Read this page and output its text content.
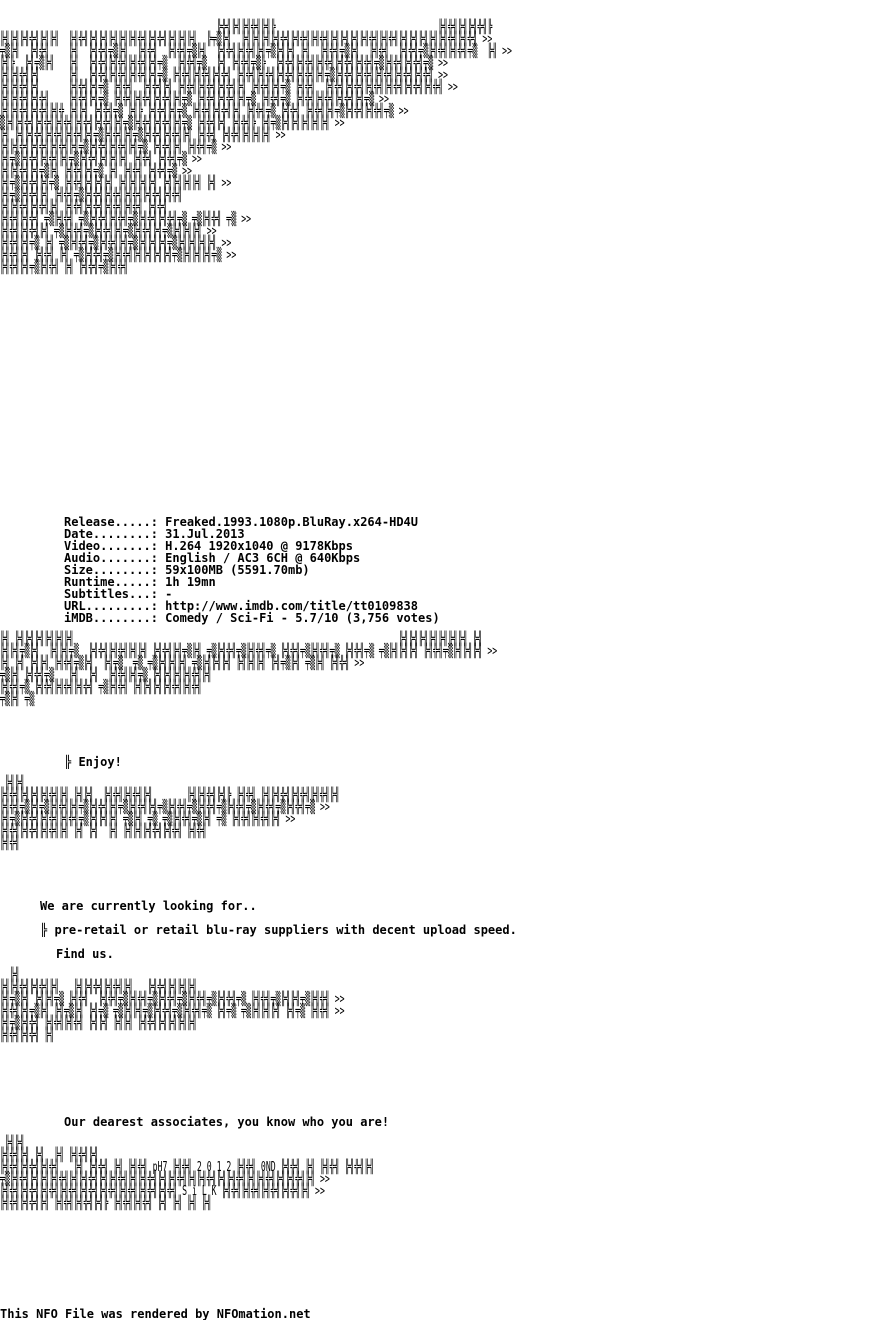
╠╬╣╠╣╠╣╬╣╠╣╠                                 ╠╣╬╣╠╣╠╣╬╣╠
╠╣╠╣╠╣╬╣╠╣╠╣  ╠╣╬╣╠╣╠╣╠╣╠╣╠╣╬╣╠╣╬╣╠╣╠╣╠╣  ╠╤▒╠╣  ╠╣╠╣╠╣╠╣╬╣╠╣╬╣╠╣╬╣╠╣╠╣╠╣╠╣╬╣╠╣╬╣╠╣╠╣╠╣╠╣╠╣╬╣╠╣╬╣ >>
╤▒╠╣  ╠╣╬╣    ╠╣  ╠╣╬╣╤▒╠╣  ╠╣╬╣  ╠╣╬╣╤▒╠╣  ╠╣╬╣╠╣╬╣╠╣╤▒╠╣╠╣ ╠╣  ╠╣╬╣╤▒╠╣  ╠╣╬╣  ╠╣╬╣╤▒╠╣╬╣╠╣╬╣╤▒  ╠╣ >>
╠╣╠  ╠╣╤▒╠╣   ╠╣  ╠╣╬╣╠╣╬╣╠╣╬╣╠╣╤▒  ╠╣╬╣╤▒  ╠╣ ╠╣╬╣╤▒╠  ╠╣╬╣╠╣╬╣╠╣╬╣╠╣╬╣╠╣╬╣╤▒╠╣╬╣╠╣╬╣╤▒ >>
╠╣╠╣╬╣╠╣      ╠╣  ╠╣╬╣╠╣╬╣╠╣╬╣╠╣╤▒ ╠╣╬╣╠╣╬╣╠╣╬╣ ╠╣╬╣╠╣╬╣╠╣╬╣╠╣╬╣╠╣╤▒╠╣╬╣╠╣╬╣╠╣╬╣╠╣╬╣╠╣╬╣ >>
╠╣╠╣╬╣╠╣      ╠╣╬╣╠╣╤▒ ╠╣╬╣  ╠╣╬╣╠╣ ╠╣╬╣╠╣╬╣╠╣╬╣╠╣ ╠╣╬╣╠╣╤▒ ╠╣╬╣  ╠╣╬╣╠╣╬╣╠╣╬╣╠╣╬╣╠╣╬╣╠╣╬╣ >>
╠╣╠╣╬╣╠╣╬╣    ╠╣╬╣╠╣╤▒ ╠╣╬╣╠╣╬╣╠╣╬╣╠╣╤▒ ╠╣╬╣╠╣╬╣╠╣╤▒ ╠╣╬╣╤▒ ╠╣╬╣╠╣╬╣╠╣╬╣╠╣╤▒ >>
╠╣╠╣╬╣╠╣╬╣╠╣╬ ╠╣╠╣ ╠╣╬╣╤▒ ╠╣╠ ╠╣╬╣╠╣╤▒ ╠╣╬╣╠╣╬╣╠╣ ╠╣╬╣╤▒ ╠╣╬╣ ╠╣╬╣╠╣╤▒╠╣╬╣╠╣╬╣╤▒ >>
▒╠╣╠╣╬╣╠╣╬╣╠╣╬╣╠╣╬╣╠╣╬╣╠╣╤▒╠╣╬╣╠╣╬╣╠╣╤▒ ╠╣╬╣╠╣ ╠╣╬╣╠ ╠╣╤▒╠╣╠╣╠╣╠╣╠╣ >>
╠╣ ╠╣╠╣╬╣╠╣╬╣╠╣╬╣╠╣╤▒╠╣╬╣╠╣╤▒╠╣╬╣╠╣╬╣╠╣ ╠╣╬╣ ╠╣╬╣╠╣╠╣╠╣ >>
╠╣╠╣╬╣╠╣╬╣╠╣╬╣╠╣╤▒╠╣╬╣╠╣╬╣╠╣╤▒ ╠╣╬╣╠╣ ╠╣╬╣╤▒ >>
╠╣╤▒╠╣╬╣╠╣╬╣╠╣╤▒╠╣╬╣╠╣╠╣╠╣ ╠╣╬╣ ╠╣╬╣╤▒ >>
╠╣╠╣╬╣╠╣╤▒╠╣ ╠╣╬╣╠╣╤▒ ╠╣ ╠╣╬╣ ╠╣╬╣╤▒ >>
╠╣╤▒╠╣╬╣╠╣╤▒ ╠╣╬╣╠╣╠╣╠╣ ╠╣╠╣╠╣╠╣ ╠╣╠╣╠╣╠╣ ╠╣ >>
╠╣╤▒╠╣╬╣╠╣ ╠╣╬╣╤▒╠╣╬╣╠╣╬╣╠╣╬╣╠╣╬╣╠╣╬╣
╠╣╠╣╬╣╠╣╬╣╠╣ ╠╣╬╣╠╣╬╣╠╣╬╣╠╣╬╣ ╠╣╬╣
╠╣╬╣╠╣╬╣ ╤▒╠╣╬╣ ╤▒╠╣╬╣╠╣╬╣╤▒╠╣╬╣╠╣╬╣╤▒ ╤▒╠╣╬╣ ╤▒ >>
╠╣╬╣╠╣╬╣╠╣ ╤▒╠╣╬╣╤▒╠╣╬╣╠╣╤▒╠╣╬╣╠╣╤▒╠╣╠╣╠╣ >>
╠╣╬╣╠╣╤▒ ╠╣ ╤▒╠╣╬╣╤▒╠╣╬╣╠╣╤▒╠╣╠╣╠╣╤▒╠╣╠╣╠╣╠╣ >>
╠╣╬╣╠╣ ╠╣╬╣ ╠╣ ╤▒╠╣╬╣╤▒╠╣╬╣╠╣╠╣╠╣╠╣╤▒╠╣╠╣╠╣╤▒ >>
╠╣╬╣╠╣╤▒╠╣╬╣ ╠╣ ╠╣╬╣╤▒╠╣╬╣
Release.....: Freaked.1993.1080p.BluRay.x264-HD4U
Date........: 31.Jul.2013
Video.......: H.264 1920x1040 @ 9178Kbps
Audio.......: English / AC3 6CH @ 640Kbps
Size........: 59x100MB (5591.70mb)
Runtime.....: 1h 19mn
Subtitles...: -
URL.........: http://www.imdb.com/title/tt0109838
iMDB........: Comedy / Sci-Fi - 5.7/10 (3,756 votes)
╠╣ ╠╣╠╣╠╣╠╣╠╣╠╣                                                                  ╠╣╠╣╠╣╠╣╠╣╠╣╠╣ ╠╣
╠╣╠╣╤▒╠╣  ╠╣╠╣╤▒  ╠╣╬╣╠╣╬╣╠╣╠╣ ╠╣╬╣╠╣╤▒╠╣ ╤▒╠╣╬╣╤▒╠╣╬╣╤▒ ╠╣╬╣╤▒╠╣╬╣╤▒ ╠╣╬╣╤▒ ╤▒╠╣╠╣╠╣ ╠╣╬╣╤▒╠╣╠╣╠╣ >>
╠╣ ╠╣ ╠╣╠╣ ╠╣╬╣╤▒╠╣  ╠╣╤▒  ╤▒ ╤▒╠╣╠╣╠╣ ╤▒╠╣╠╣╠╣ ╠╣╠╣╠╣ ╠╣╤▒╠╣ ╤▒╠╣ ╠╣╬╣ >>
╤▒╠╣ ╠╣╬╣╤▒   ╠╣  ╠╣  ╠╣╬╣╠╣╤▒ ╠╣╠╣╠╣╠╣╬╣╠╣
╠╣╬╣╤▒ ╠╣╬╣╠╣╬╣╠╣╬╣ ╤▒╠╣╬╣ ╠╣╠╣╠╣╠╣╬╣╠╣╬╣
╤▒╠╣ ╤▒
╠ Enjoy!
╠╣╠╣
╠╣╬╣╠╣╠╣╠╣╬╣╠╣ ╠╣╠╣  ╠╣╬╣╠╣╬╣╠╣       ╠╣╠╣╬╣╠╣╠ ╠╣╬╣ ╠╣╠╣╬╣╠╣╬╣╠╣╬╣╠╣
╠╣╬╣╤▒╠╣╤▒╠╣╬╣╠╣╤▒╠╣╬╣╠╣╤▒╠╣╬╣╠╣╤▒╠╣╬╣╤▒╠╣╬╣╤▒╠╣╬╣╤▒╠╣╬╣╤▒╠╣╬╣╤▒ >>
╠╣╤▒╠╣╬╣╠╣╬╣╠╣╬╣╤▒╠╣╠╣╠╣ ╤▒╠╣ ╤▒ ╤▒╠╣╬╣╤▒╠╣ ╤▒ ╠╣╬╣╠╣╬╣╠╣ >>
╠╣╬╣╠╣╬╣╠╣╬╣╠╣ ╠╣ ╠╣  ╠╣ ╠╣╠╣╠╣╬╣╠╣╬╣ ╠╣╬╣
╠╣╬╣
We are currently looking for..
╠ pre-retail or retail blu-ray suppliers with decent upload speed.
Find us.
╠╣
╠╣╠╣╬╣╠╣╬╣╠╣   ╠╣╠╣╬╣╠╣╬╣╠╣   ╠╣╬╣╠╣╠╣╠╣
╠╣╤▒╠╣ ╠╣╠╣╤▒ ╠╣╬╣  ╠╣╬╣╤▒╠╣╬╣╤▒╠╣╬╣╤▒╠╣╬╣╤▒╠╣╬╣╤▒ ╠╣╬╣╤▒╠╣╠╣╤▒╠╣╬╣ >>
╠╣╬╣╠╣╤▒╠╣ ╠╣╤▒╠╣ ╠╣╤▒ ╤▒╠╣╠╣╤▒╠╣╬╣╤▒╠╣╬╣╤▒ ╠╣╤▒ ╤▒╠╣╠╣╠╣ ╠╣╤▒ ╠╣╬╣ >>
╠╣╤▒╠╣╬╣ ╠╣╬╣╠╣╬╣ ╠╣╠╣ ╠╣╠╣ ╠╣╬╣╠╣╠╣╠╣╠╣
╠╣╬╣╠╣╬╣ ╠╣
Our dearest associates, you know who you are!
╠╣╠╣
╠╣╬╣╠╣ ╠╣  ╠╣ ╠╣╬╣╠╣
╠╣╬╣╠╣╬╣╠╣╬╣   ╠╣ ╠╣╬╣ ╠╣ ╠╣╬╣ pH7 ╠╣╬╣ 2 0 1 2 ╠╣╬╣ 0ND ╠╣╬╣ ╠╣ ╠╣╬╣ ╠╣╬╣╠╣
╤▒╠╣╬╣╠╣╠╣╠╣╬╣╠╣╠╣╬╣╠╣╠╣╬╣╠╣╠╣╬╣╠╣╠╣╬╣╠╣╠╣╬╣╠╣╠╣╬╣╠╣╠╣╬╣╠╣╠╣╬╣╠╣ >>
╠╣╬╣╠╣╬╣╠╣╬╣╠╣╬╣╠╣╬╣╠╣╬╣╠╣╬╣╠╣╬╣╠╣╬╣ S i L K ╠╣╬╣╠╣╬╣╠╣╬╣╠╣╬╣╠╣ >>
╠╣╬╣╠╣╬╣╠╣ ╠╣╬╣╠╣╬╣╠╣╠ ╠╣╬╣╠╣╬╣ ╠╣ ╠╣ ╠╣ ╠╣
This NFO File was rendered by NFOmation.net
